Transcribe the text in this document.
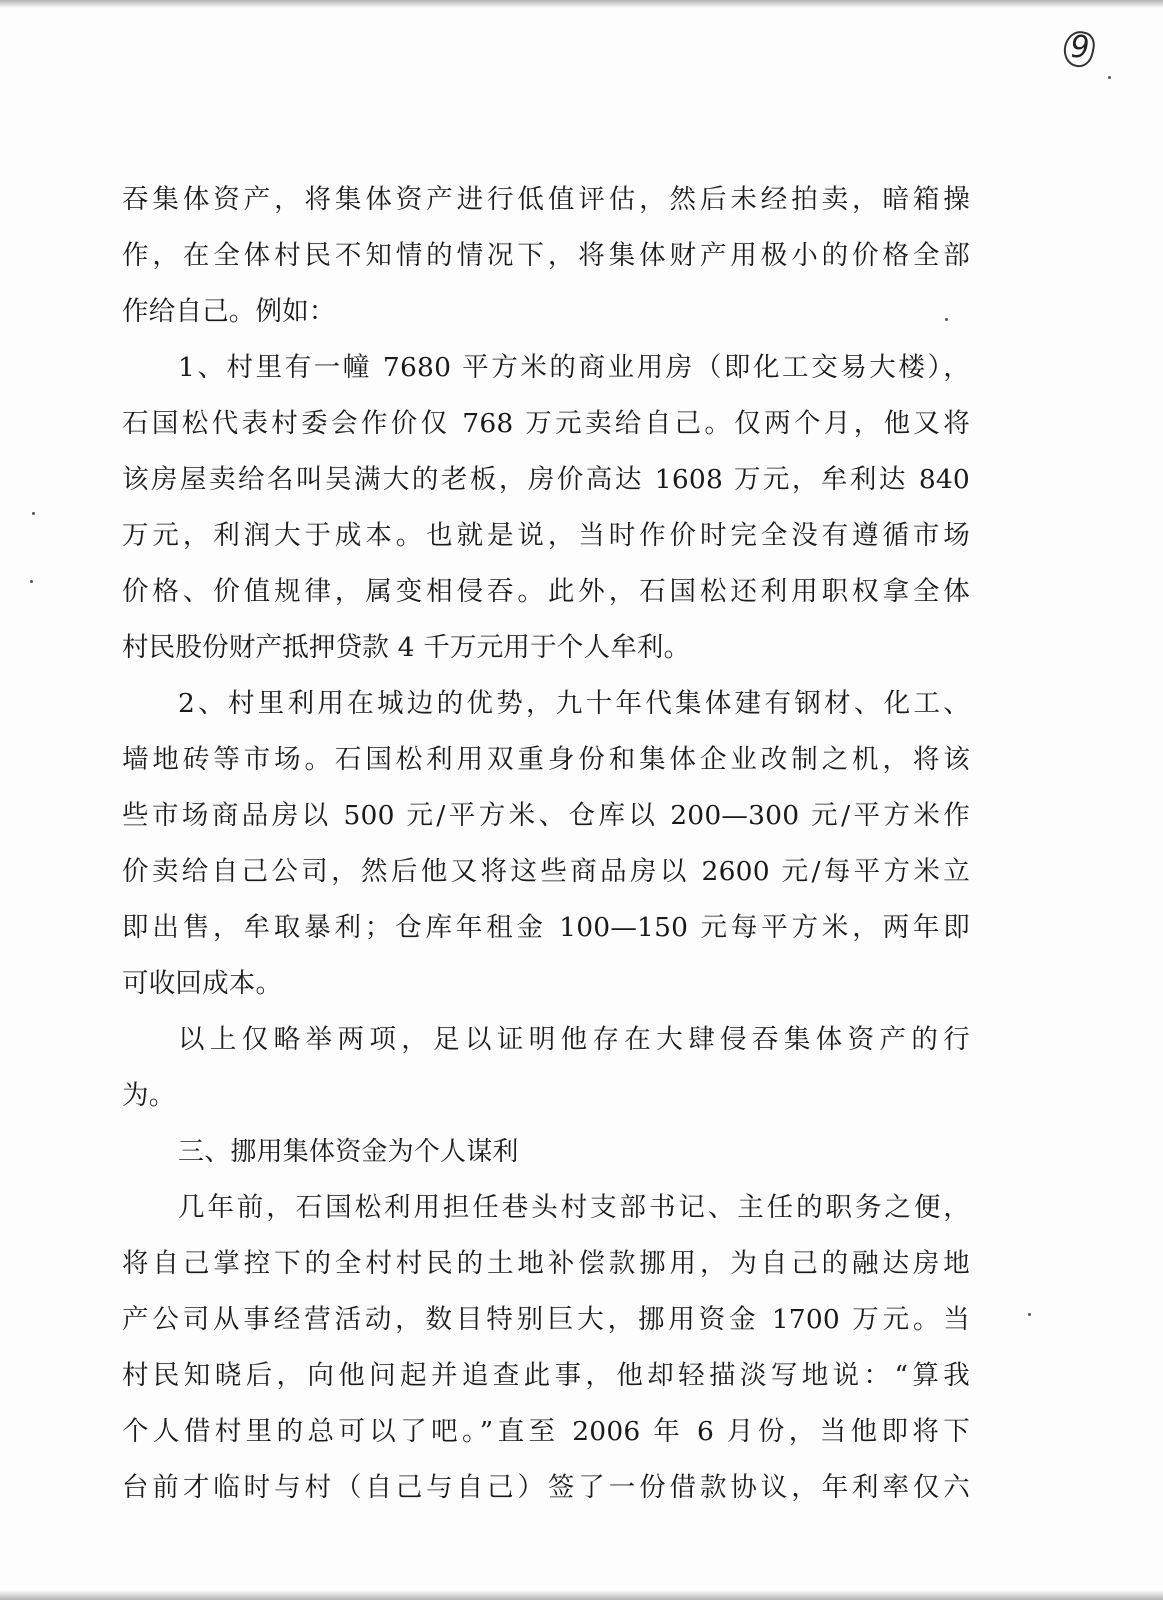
9
吞集体资产，将集体资产进行低值评估，然后未经拍卖，暗箱操
作，在全体村民不知情的情况下，将集体财产用极小的价格全部
作给自己。例如：
1、村里有一幢 7680 平方米的商业用房（即化工交易大楼），
石国松代表村委会作价仅 768 万元卖给自己。仅两个月，他又将
该房屋卖给名叫吴满大的老板，房价高达 1608 万元，牟利达 840
万元，利润大于成本。也就是说，当时作价时完全没有遵循市场
价格、价值规律，属变相侵吞。此外，石国松还利用职权拿全体
村民股份财产抵押贷款 4 千万元用于个人牟利。
2、村里利用在城边的优势，九十年代集体建有钢材、化工、
墙地砖等市场。石国松利用双重身份和集体企业改制之机，将该
些市场商品房以 500 元/平方米、仓库以 200—300 元/平方米作
价卖给自己公司，然后他又将这些商品房以 2600 元/每平方米立
即出售，牟取暴利；仓库年租金 100—150 元每平方米，两年即
可收回成本。
以上仅略举两项，足以证明他存在大肆侵吞集体资产的行
为。
三、挪用集体资金为个人谋利
几年前，石国松利用担任巷头村支部书记、主任的职务之便，
将自己掌控下的全村村民的土地补偿款挪用，为自己的融达房地
产公司从事经营活动，数目特别巨大，挪用资金 1700 万元。当
村民知晓后，向他问起并追查此事，他却轻描淡写地说：“算我
个人借村里的总可以了吧。”直至 2006 年 6 月份，当他即将下
台前才临时与村（自己与自己）签了一份借款协议，年利率仅六
